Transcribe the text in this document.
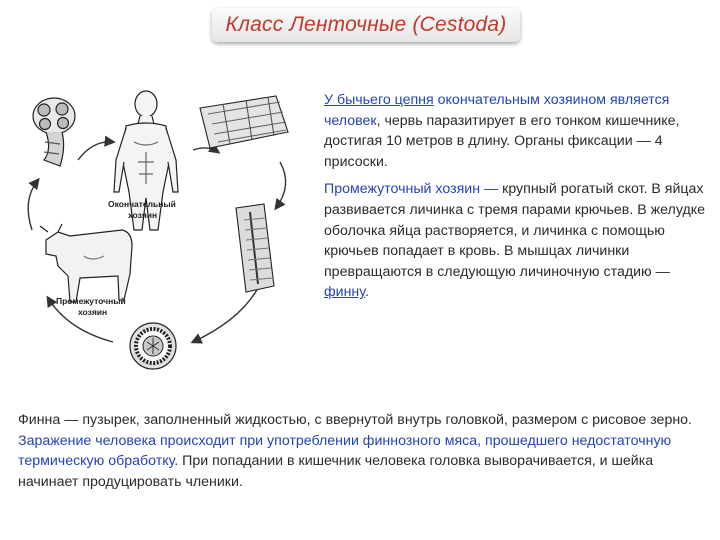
Класс Ленточные (Cestoda)
Окончательный
хозяин
Промежуточный
хозяин

У бычьего цепня окончательным хозяином является человек, червь паразитирует в его тонком кишечнике, достигая 10 метров в длину. Органы фиксации — 4 присоски.

Промежуточный хозяин — крупный рогатый скот. В яйцах развивается личинка с тремя парами крючьев. В желудке оболочка яйца растворяется, и личинка с помощью крючьев попадает в кровь. В мышцах личинки превращаются в следующую личиночную стадию — финну.

Финна — пузырек, заполненный жидкостью, с ввернутой внутрь головкой, размером с рисовое зерно. Заражение человека происходит при употреблении финнозного мяса, прошедшего недостаточную термическую обработку. При попадании в кишечник человека головка выворачивается, и шейка начинает продуцировать членики.
